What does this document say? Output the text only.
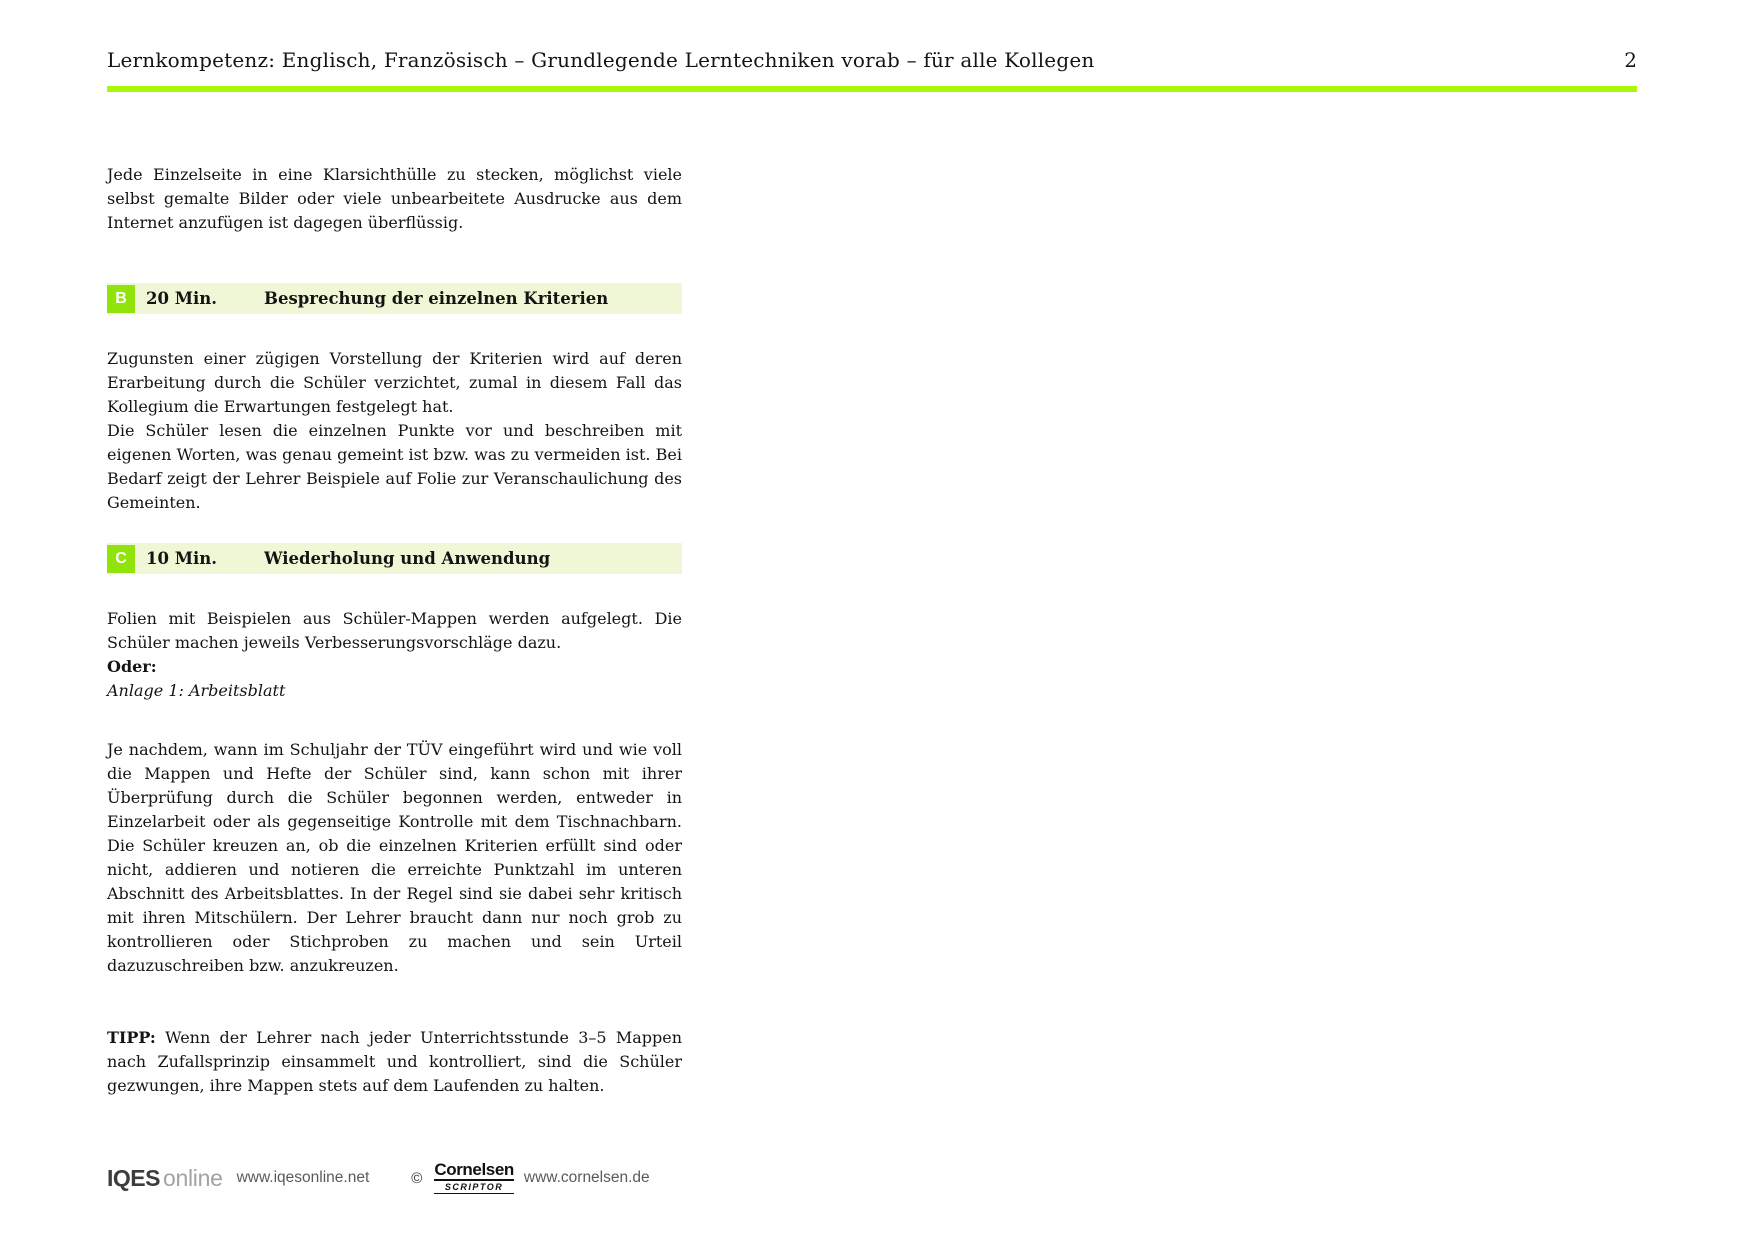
Lernkompetenz: Englisch, Französisch – Grundlegende Lerntechniken vorab – für alle Kollegen	2

Jede Einzelseite in eine Klarsichthülle zu stecken, möglichst viele selbst gemalte Bilder oder viele unbearbeitete Ausdrucke aus dem Internet anzufügen ist dagegen überflüssig.

B	20 Min.	Besprechung der einzelnen Kriterien

Zugunsten einer zügigen Vorstellung der Kriterien wird auf deren Erarbeitung durch die Schüler verzichtet, zumal in diesem Fall das Kollegium die Erwartungen festgelegt hat.

Die Schüler lesen die einzelnen Punkte vor und beschreiben mit eigenen Worten, was genau gemeint ist bzw. was zu vermeiden ist. Bei Bedarf zeigt der Lehrer Beispiele auf Folie zur Veranschaulichung des Gemeinten.

C	10 Min.	Wiederholung und Anwendung

Folien mit Beispielen aus Schüler-Mappen werden aufgelegt. Die Schüler machen jeweils Verbesserungsvorschläge dazu.

Oder:

Anlage 1: Arbeitsblatt

Je nachdem, wann im Schuljahr der TÜV eingeführt wird und wie voll die Mappen und Hefte der Schüler sind, kann schon mit ihrer Überprüfung durch die Schüler begonnen werden, entweder in Einzelarbeit oder als gegenseitige Kontrolle mit dem Tischnachbarn. Die Schüler kreuzen an, ob die einzelnen Kriterien erfüllt sind oder nicht, addieren und notieren die erreichte Punktzahl im unteren Abschnitt des Arbeitsblattes. In der Regel sind sie dabei sehr kritisch mit ihren Mitschülern. Der Lehrer braucht dann nur noch grob zu kontrollieren oder Stichproben zu machen und sein Urteil dazuzuschreiben bzw. anzukreuzen.

TIPP: Wenn der Lehrer nach jeder Unterrichtsstunde 3–5 Mappen nach Zufallsprinzip einsammelt und kontrolliert, sind die Schüler gezwungen, ihre Mappen stets auf dem Laufenden zu halten.

IQES online www.iqesonline.net	© Cornelsen
SCRIPTOR
www.cornelsen.de
